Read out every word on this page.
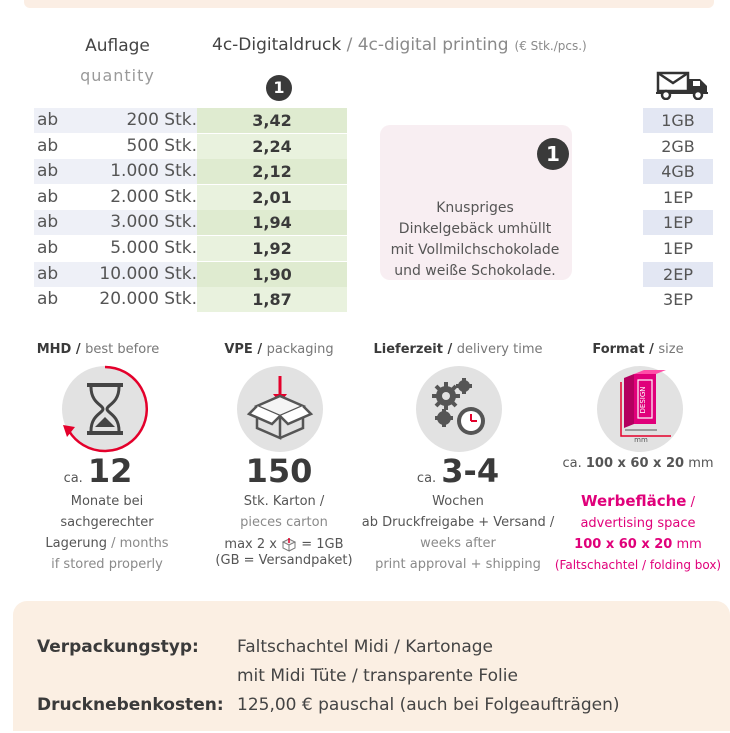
Auflage
quantity
4c-Digitaldruck / 4c-digital printing (€ Stk./pcs.)
1
ab	200 Stk.	3,42
ab	500 Stk.	2,24
ab	1.000 Stk.	2,12
ab	2.000 Stk.	2,01
ab	3.000 Stk.	1,94
ab	5.000 Stk.	1,92
ab	10.000 Stk.	1,90
ab	20.000 Stk.	1,87
1GB
2GB
4GB
1EP
1EP
1EP
2EP
3EP
1
Knuspriges
Dinkelgebäck umhüllt
mit Vollmilchschokolade
und weiße Schokolade.
MHD / best before
ca. 12
Monate bei
sachgerechter
Lagerung / months
if stored properly
VPE / packaging
150
Stk. Karton /
pieces carton
max 2 x = 1GB
(GB = Versandpaket)
Lieferzeit / delivery time
ca. 3-4
Wochen
ab Druckfreigabe + Versand /
weeks after
print approval + shipping
Format / size
DESIGN
mm
ca. 100 x 60 x 20 mm
Werbefläche /
advertising space
100 x 60 x 20 mm
(Faltschachtel / folding box)
Verpackungstyp: Faltschachtel Midi / Kartonage
mit Midi Tüte / transparente Folie
Drucknebenkosten: 125,00 € pauschal (auch bei Folgeaufträgen)
